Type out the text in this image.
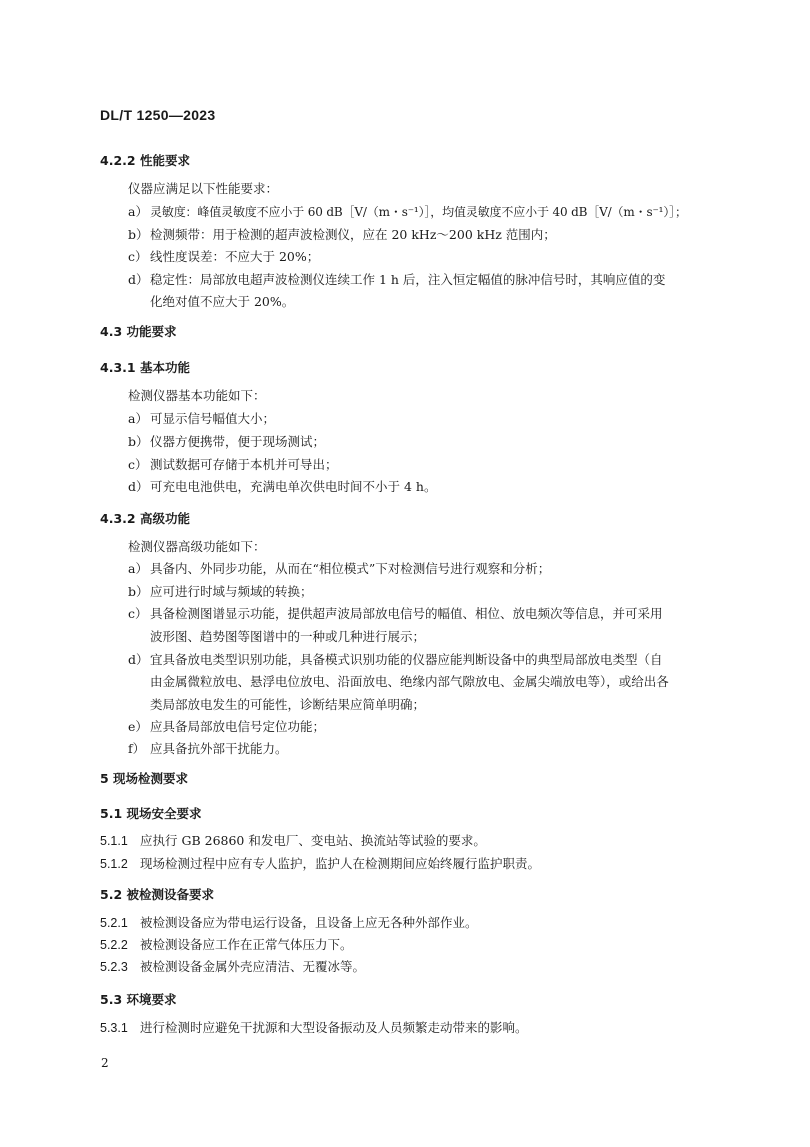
DL/T 1250—2023
4.2.2 性能要求
仪器应满足以下性能要求：
a） 灵敏度：峰值灵敏度不应小于 60 dB［V/（m・s⁻¹）］，均值灵敏度不应小于 40 dB［V/（m・s⁻¹）］；
b） 检测频带：用于检测的超声波检测仪，应在 20 kHz～200 kHz 范围内；
c） 线性度误差：不应大于 20%；
d） 稳定性：局部放电超声波检测仪连续工作 1 h 后，注入恒定幅值的脉冲信号时，其响应值的变
化绝对值不应大于 20%。
4.3 功能要求
4.3.1 基本功能
检测仪器基本功能如下：
a） 可显示信号幅值大小；
b） 仪器方便携带，便于现场测试；
c） 测试数据可存储于本机并可导出；
d） 可充电电池供电，充满电单次供电时间不小于 4 h。
4.3.2 高级功能
检测仪器高级功能如下：
a） 具备内、外同步功能，从而在“相位模式”下对检测信号进行观察和分析；
b） 应可进行时域与频域的转换；
c） 具备检测图谱显示功能，提供超声波局部放电信号的幅值、相位、放电频次等信息，并可采用
波形图、趋势图等图谱中的一种或几种进行展示；
d） 宜具备放电类型识别功能，具备模式识别功能的仪器应能判断设备中的典型局部放电类型（自
由金属微粒放电、悬浮电位放电、沿面放电、绝缘内部气隙放电、金属尖端放电等），或给出各
类局部放电发生的可能性，诊断结果应简单明确；
e） 应具备局部放电信号定位功能；
f） 应具备抗外部干扰能力。
5 现场检测要求
5.1 现场安全要求
5.1.1 应执行 GB 26860 和发电厂、变电站、换流站等试验的要求。
5.1.2 现场检测过程中应有专人监护，监护人在检测期间应始终履行监护职责。
5.2 被检测设备要求
5.2.1 被检测设备应为带电运行设备，且设备上应无各种外部作业。
5.2.2 被检测设备应工作在正常气体压力下。
5.2.3 被检测设备金属外壳应清洁、无覆冰等。
5.3 环境要求
5.3.1 进行检测时应避免干扰源和大型设备振动及人员频繁走动带来的影响。
2
